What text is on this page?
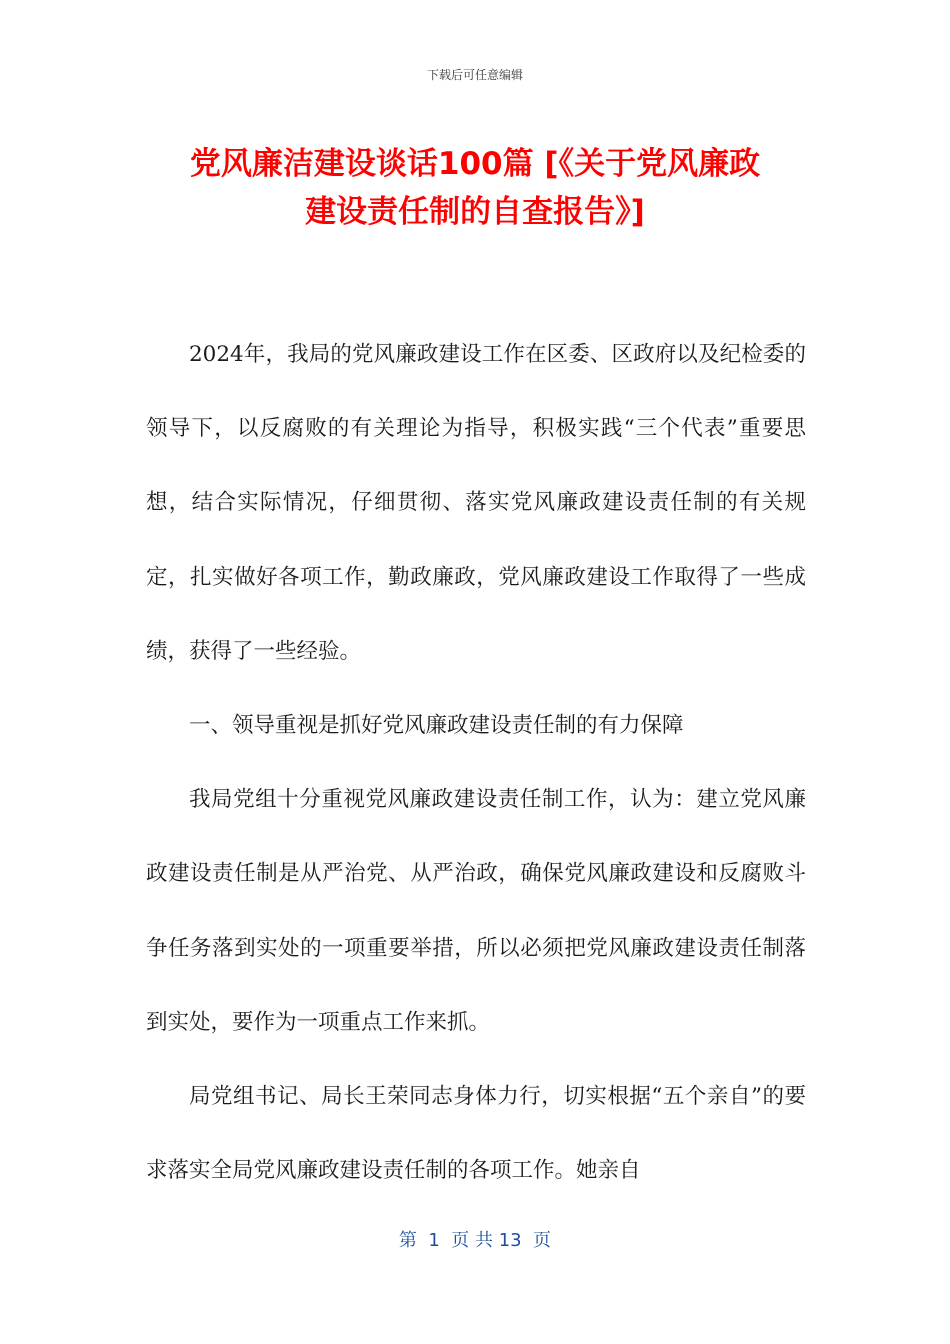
下载后可任意编辑
党风廉洁建设谈话100篇 [《关于党风廉政
建设责任制的自查报告》]

2024年，我局的党风廉政建设工作在区委、区政府以及纪检委的领导下，以反腐败的有关理论为指导，积极实践“三个代表”重要思想，结合实际情况，仔细贯彻、落实党风廉政建设责任制的有关规定，扎实做好各项工作，勤政廉政，党风廉政建设工作取得了一些成绩，获得了一些经验。

一、领导重视是抓好党风廉政建设责任制的有力保障

我局党组十分重视党风廉政建设责任制工作，认为：建立党风廉政建设责任制是从严治党、从严治政，确保党风廉政建设和反腐败斗争任务落到实处的一项重要举措，所以必须把党风廉政建设责任制落到实处，要作为一项重点工作来抓。

局党组书记、局长王荣同志身体力行，切实根据“五个亲自”的要求落实全局党风廉政建设责任制的各项工作。她亲自

第  1  页 共 13  页
